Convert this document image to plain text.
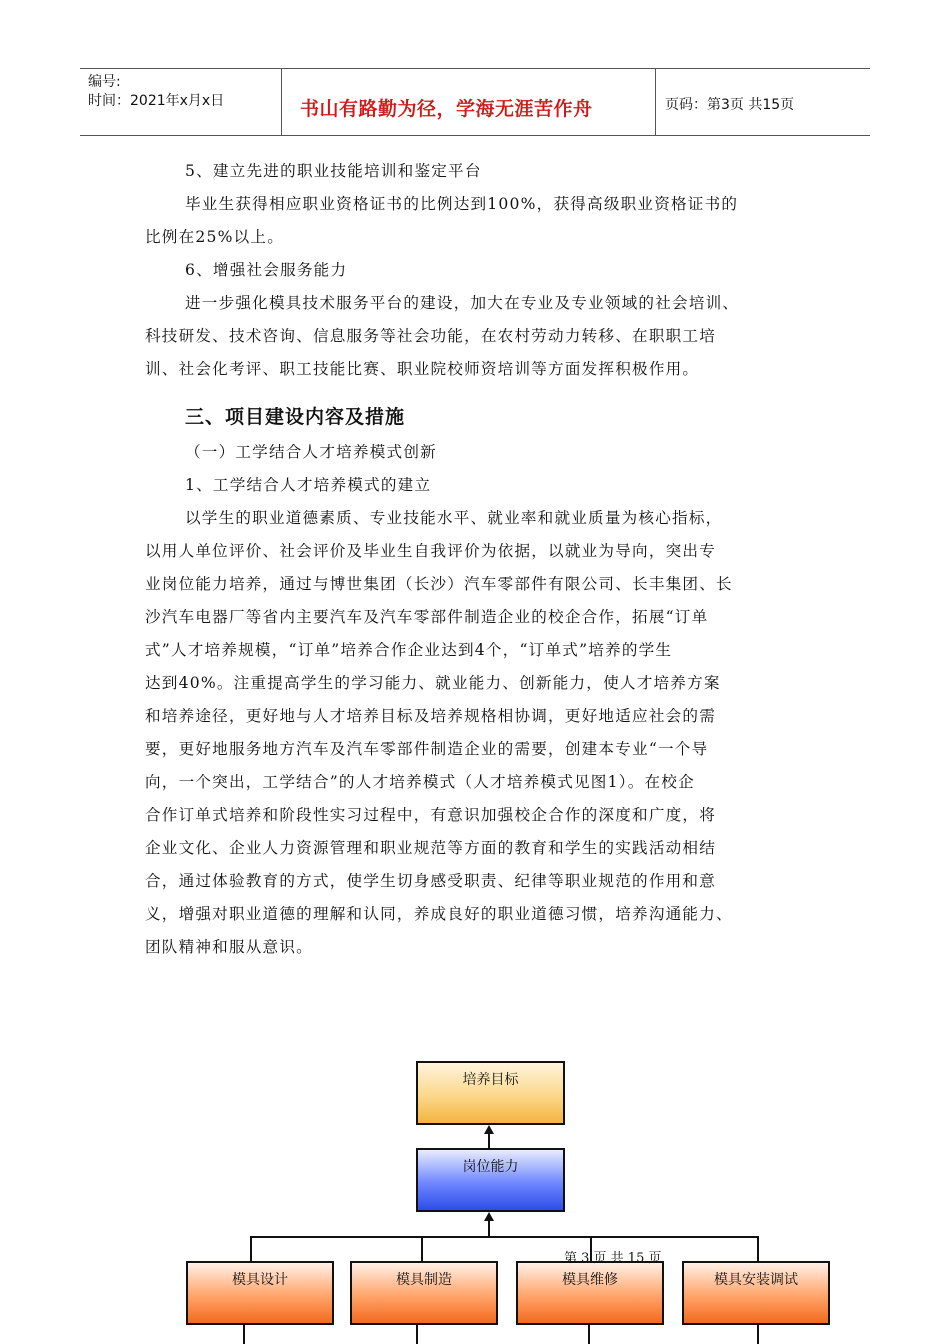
编号:
时间：2021年x月x日	书山有路勤为径，学海无涯苦作舟	页码：第3页 共15页
5、建立先进的职业技能培训和鉴定平台
毕业生获得相应职业资格证书的比例达到100%，获得高级职业资格证书的
比例在25%以上。
6、增强社会服务能力
进一步强化模具技术服务平台的建设，加大在专业及专业领域的社会培训、
科技研发、技术咨询、信息服务等社会功能，在农村劳动力转移、在职职工培
训、社会化考评、职工技能比赛、职业院校师资培训等方面发挥积极作用。
三、项目建设内容及措施
（一）工学结合人才培养模式创新
1、工学结合人才培养模式的建立
以学生的职业道德素质、专业技能水平、就业率和就业质量为核心指标，
以用人单位评价、社会评价及毕业生自我评价为依据，以就业为导向，突出专
业岗位能力培养，通过与博世集团（长沙）汽车零部件有限公司、长丰集团、长
沙汽车电器厂等省内主要汽车及汽车零部件制造企业的校企合作，拓展“订单
式”人才培养规模，“订单”培养合作企业达到4个，“订单式”培养的学生
达到40%。注重提高学生的学习能力、就业能力、创新能力，使人才培养方案
和培养途径，更好地与人才培养目标及培养规格相协调，更好地适应社会的需
要，更好地服务地方汽车及汽车零部件制造企业的需要，创建本专业“一个导
向，一个突出，工学结合”的人才培养模式（人才培养模式见图1）。在校企
合作订单式培养和阶段性实习过程中，有意识加强校企合作的深度和广度，将
企业文化、企业人力资源管理和职业规范等方面的教育和学生的实践活动相结
合，通过体验教育的方式，使学生切身感受职责、纪律等职业规范的作用和意
义，增强对职业道德的理解和认同，养成良好的职业道德习惯，培养沟通能力、
团队精神和服从意识。
培养目标
岗位能力
模具设计	模具制造	模具维修	模具安装调试
第 3 页 共 15 页
